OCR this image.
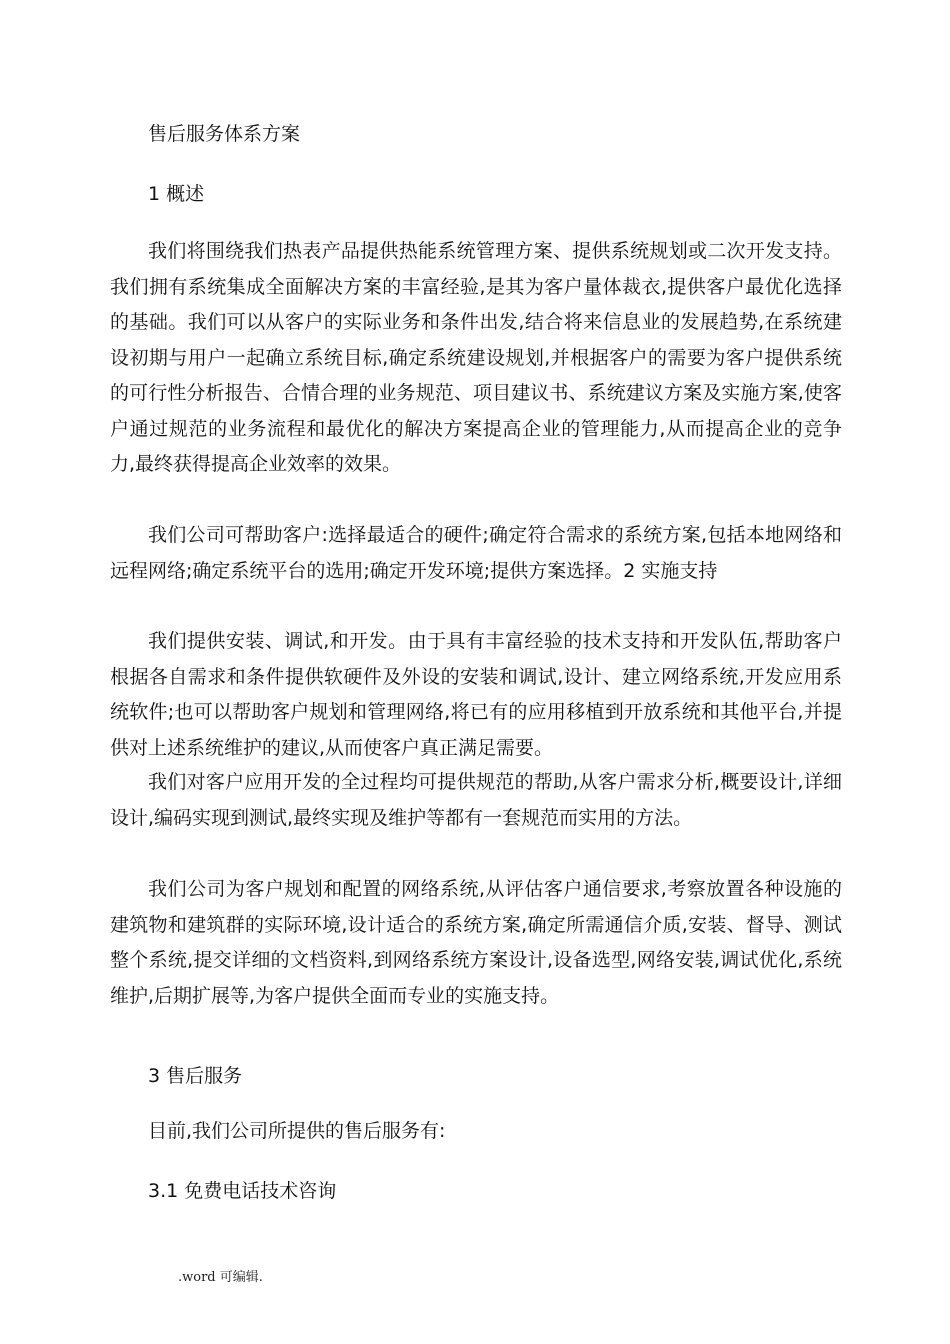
售后服务体系方案
1 概述

我们将围绕我们热表产品提供热能系统管理方案、提供系统规划或二次开发支持。我们拥有系统集成全面解决方案的丰富经验,是其为客户量体裁衣,提供客户最优化选择的基础。我们可以从客户的实际业务和条件出发,结合将来信息业的发展趋势,在系统建设初期与用户一起确立系统目标,确定系统建设规划,并根据客户的需要为客户提供系统的可行性分析报告、合情合理的业务规范、项目建议书、系统建议方案及实施方案,使客户通过规范的业务流程和最优化的解决方案提高企业的管理能力,从而提高企业的竞争力,最终获得提高企业效率的效果。

我们公司可帮助客户:选择最适合的硬件;确定符合需求的系统方案,包括本地网络和远程网络;确定系统平台的选用;确定开发环境;提供方案选择。2 实施支持

我们提供安装、调试,和开发。由于具有丰富经验的技术支持和开发队伍,帮助客户根据各自需求和条件提供软硬件及外设的安装和调试,设计、建立网络系统,开发应用系统软件;也可以帮助客户规划和管理网络,将已有的应用移植到开放系统和其他平台,并提供对上述系统维护的建议,从而使客户真正满足需要。

我们对客户应用开发的全过程均可提供规范的帮助,从客户需求分析,概要设计,详细设计,编码实现到测试,最终实现及维护等都有一套规范而实用的方法。

我们公司为客户规划和配置的网络系统,从评估客户通信要求,考察放置各种设施的建筑物和建筑群的实际环境,设计适合的系统方案,确定所需通信介质,安装、督导、测试整个系统,提交详细的文档资料,到网络系统方案设计,设备选型,网络安装,调试优化,系统维护,后期扩展等,为客户提供全面而专业的实施支持。

3 售后服务
目前,我们公司所提供的售后服务有:
3.1 免费电话技术咨询
.word 可编辑.
